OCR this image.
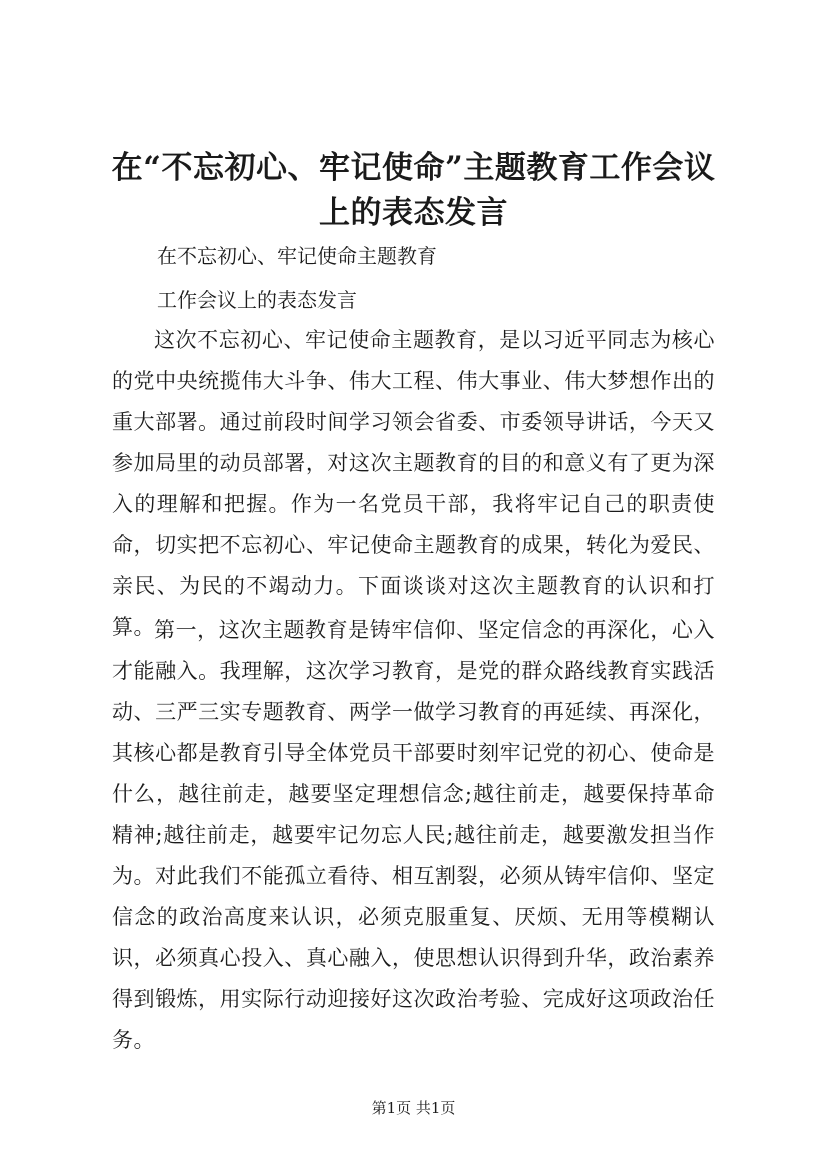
在“不忘初心、牢记使命”主题教育工作会议
上的表态发言

在不忘初心、牢记使命主题教育

工作会议上的表态发言

这次不忘初心、牢记使命主题教育，是以习近平同志为核心的党中央统揽伟大斗争、伟大工程、伟大事业、伟大梦想作出的重大部署。通过前段时间学习领会省委、市委领导讲话，今天又参加局里的动员部署，对这次主题教育的目的和意义有了更为深入的理解和把握。作为一名党员干部，我将牢记自己的职责使命，切实把不忘初心、牢记使命主题教育的成果，转化为爱民、亲民、为民的不竭动力。下面谈谈对这次主题教育的认识和打算。 第一，这次主题教育是铸牢信仰、坚定信念的再深化，心入才能融入。我理解，这次学习教育，是党的群众路线教育实践活动、三严三实专题教育、两学一做学习教育的再延续、再深化，其核心都是教育引导全体党员干部要时刻牢记党的初心、使命是什么，越往前走，越要坚定理想信念;越往前走，越要保持革命精神;越往前走，越要牢记勿忘人民;越往前走，越要激发担当作为。对此我们不能孤立看待、相互割裂，必须从铸牢信仰、坚定信念的政治高度来认识，必须克服重复、厌烦、无用等模糊认识，必须真心投入、真心融入，使思想认识得到升华，政治素养得到锻炼，用实际行动迎接好这次政治考验、完成好这项政治任务。

第1页 共1页
